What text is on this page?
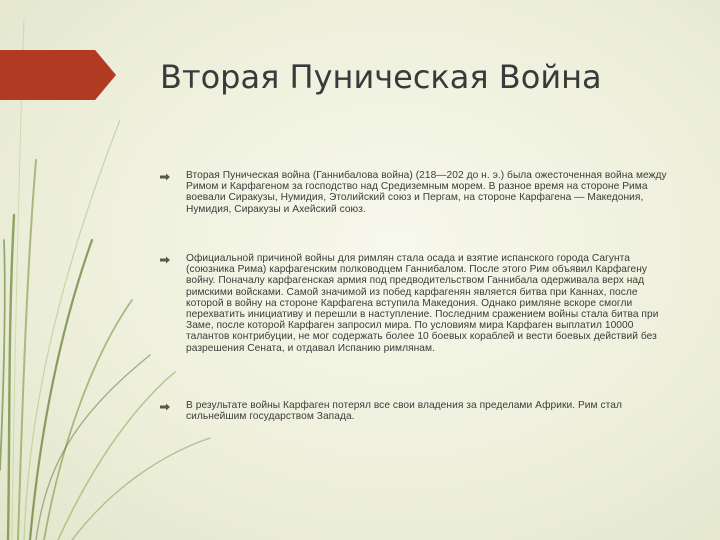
Вторая Пуническая Война
Вторая Пуническая война (Ганнибалова война) (218—202 до н. э.) была ожесточенная война между Римом и Карфагеном за господство над Средиземным морем. В разное время на стороне Рима воевали Сиракузы, Нумидия, Этолийский союз и Пергам, на стороне Карфагена — Македония, Нумидия, Сиракузы и Ахейский союз.
Официальной причиной войны для римлян стала осада и взятие испанского города Сагунта (союзника Рима) карфагенским полководцем Ганнибалом. После этого Рим объявил Карфагену войну. Поначалу карфагенская армия под предводительством Ганнибала одерживала верх над римскими войсками. Самой значимой из побед карфагенян является битва при Каннах, после которой в войну на стороне Карфагена вступила Македония. Однако римляне вскоре смогли перехватить инициативу и перешли в наступление. Последним сражением войны стала битва при Заме, после которой Карфаген запросил мира. По условиям мира Карфаген выплатил 10000 талантов контрибуции, не мог содержать более 10 боевых кораблей и вести боевых действий без разрешения Сената, и отдавал Испанию римлянам.
В результате войны Карфаген потерял все свои владения за пределами Африки. Рим стал сильнейшим государством Запада.
